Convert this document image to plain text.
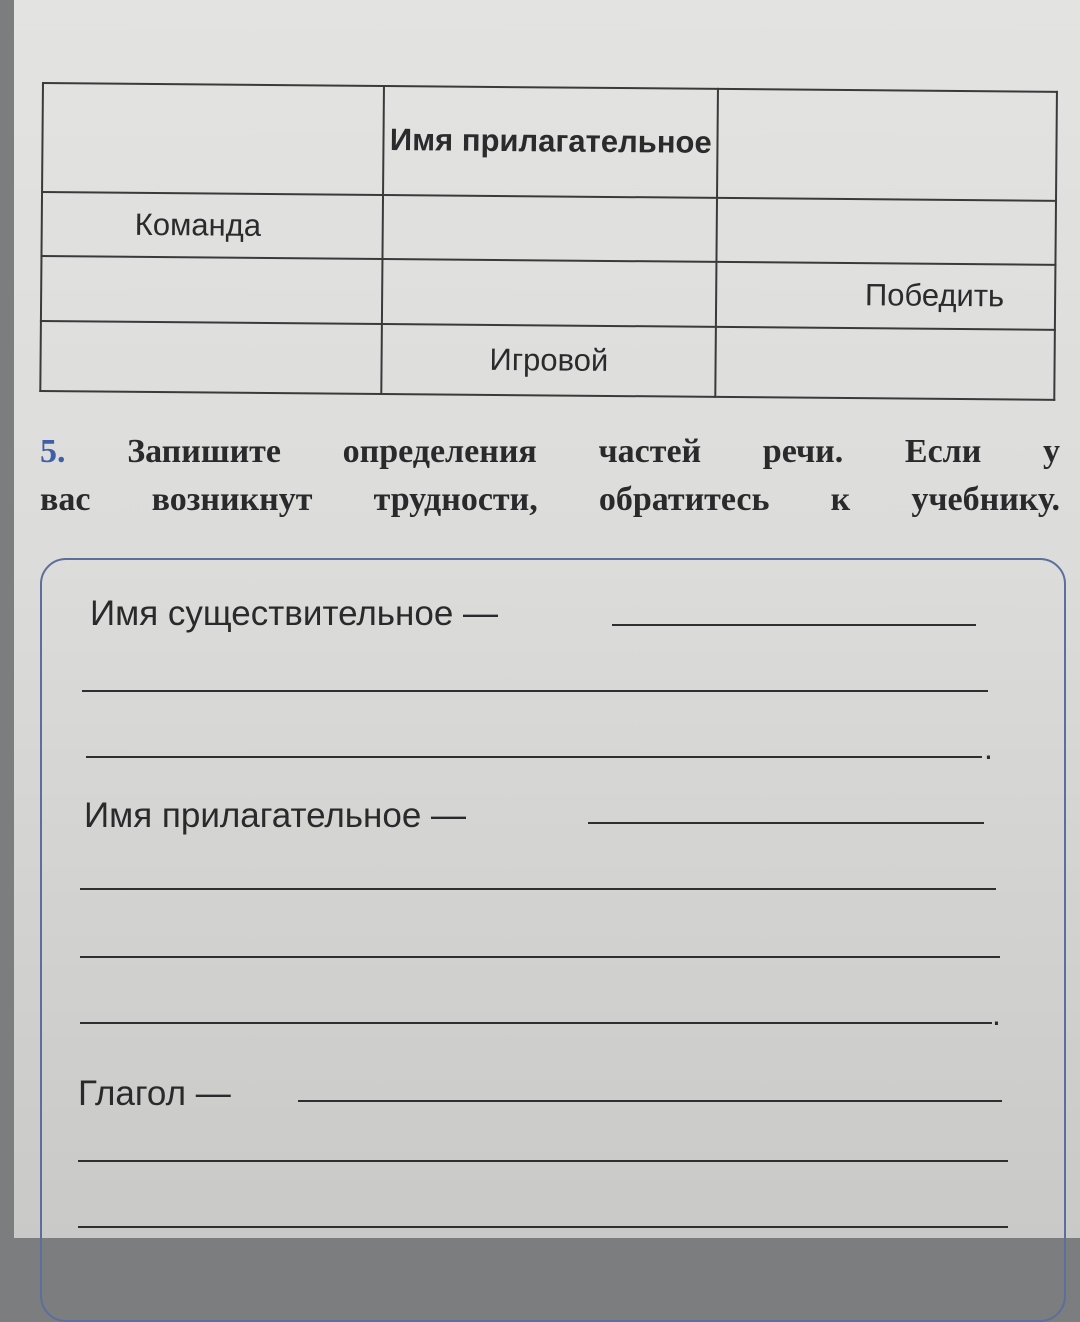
	Имя прилагательное	
Команда		
		Победить
	Игровой	
5. Запишите определения частей речи. Если у
вас возникнут трудности, обратитесь к учебнику.
Имя существительное —
.
Имя прилагательное —
.
Глагол —
